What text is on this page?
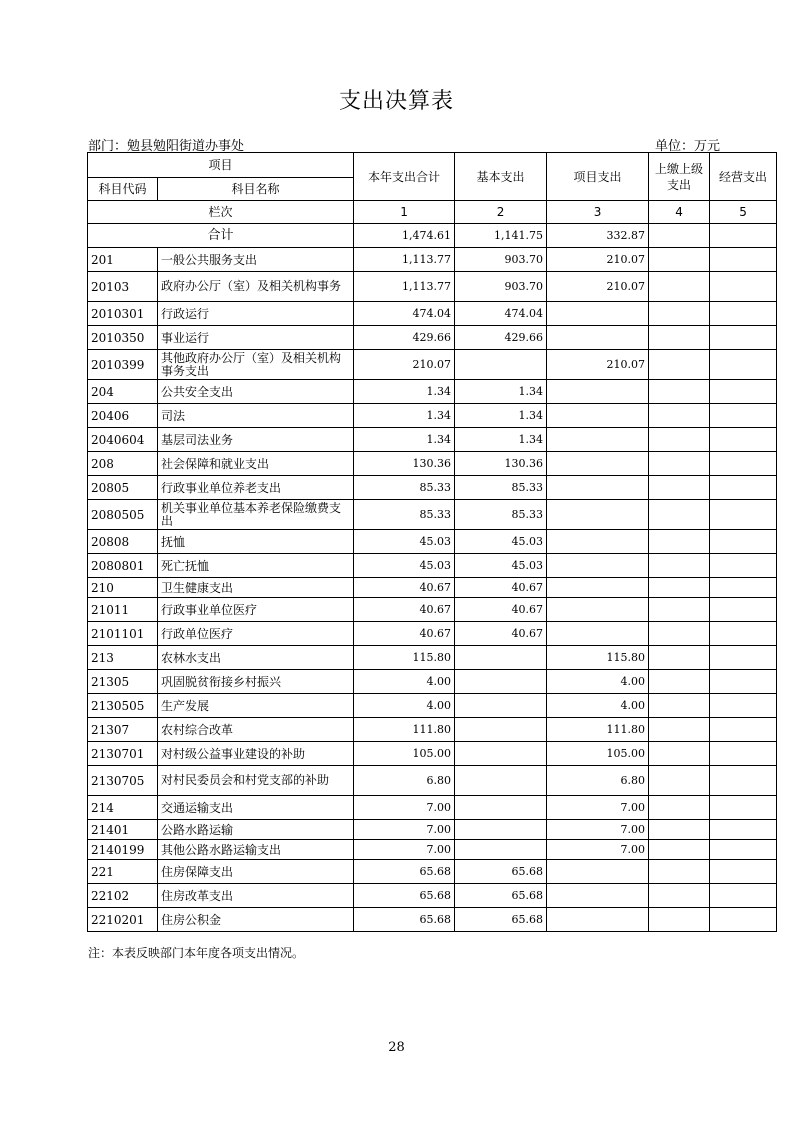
支出决算表
部门：勉县勉阳街道办事处	单位：万元
项目		本年支出合计	基本支出	项目支出	上缴上级支出	经营支出
科目代码	科目名称					
栏次		1	2	3	4	5
合计		1,474.61	1,141.75	332.87		
201	一般公共服务支出	1,113.77	903.70	210.07		
20103	政府办公厅（室）及相关机构事务	1,113.77	903.70	210.07		
2010301	行政运行	474.04	474.04			
2010350	事业运行	429.66	429.66			
2010399	其他政府办公厅（室）及相关机构事务支出	210.07		210.07		
204	公共安全支出	1.34	1.34			
20406	司法	1.34	1.34			
2040604	基层司法业务	1.34	1.34			
208	社会保障和就业支出	130.36	130.36			
20805	行政事业单位养老支出	85.33	85.33			
2080505	机关事业单位基本养老保险缴费支出	85.33	85.33			
20808	抚恤	45.03	45.03			
2080801	死亡抚恤	45.03	45.03			
210	卫生健康支出	40.67	40.67			
21011	行政事业单位医疗	40.67	40.67			
2101101	行政单位医疗	40.67	40.67			
213	农林水支出	115.80		115.80		
21305	巩固脱贫衔接乡村振兴	4.00		4.00		
2130505	生产发展	4.00		4.00		
21307	农村综合改革	111.80		111.80		
2130701	对村级公益事业建设的补助	105.00		105.00		
2130705	对村民委员会和村党支部的补助	6.80		6.80		
214	交通运输支出	7.00		7.00		
21401	公路水路运输	7.00		7.00		
2140199	其他公路水路运输支出	7.00		7.00		
221	住房保障支出	65.68	65.68			
22102	住房改革支出	65.68	65.68			
2210201	住房公积金	65.68	65.68			
注：本表反映部门本年度各项支出情况。
28
